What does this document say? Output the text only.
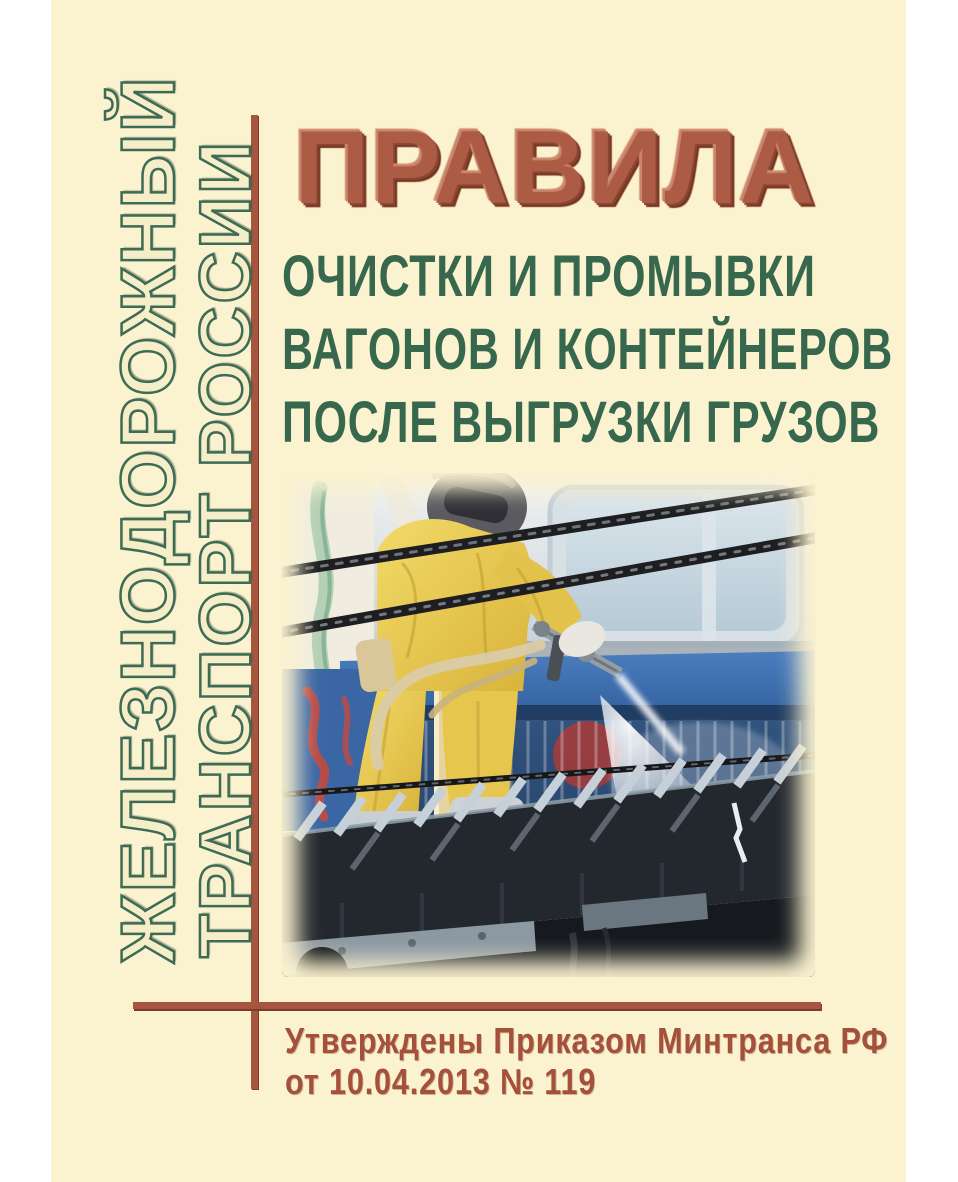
ЖЕЛЕЗНОДОРОЖНЫЙ
ТРАНСПОРТ РОССИИ ПРАВИЛА
ОЧИСТКИ И ПРОМЫВКИ
ВАГОНОВ И КОНТЕЙНЕРОВ
ПОСЛЕ ВЫГРУЗКИ ГРУЗОВ
Утверждены Приказом Минтранса РФ
от 10.04.2013 № 119
